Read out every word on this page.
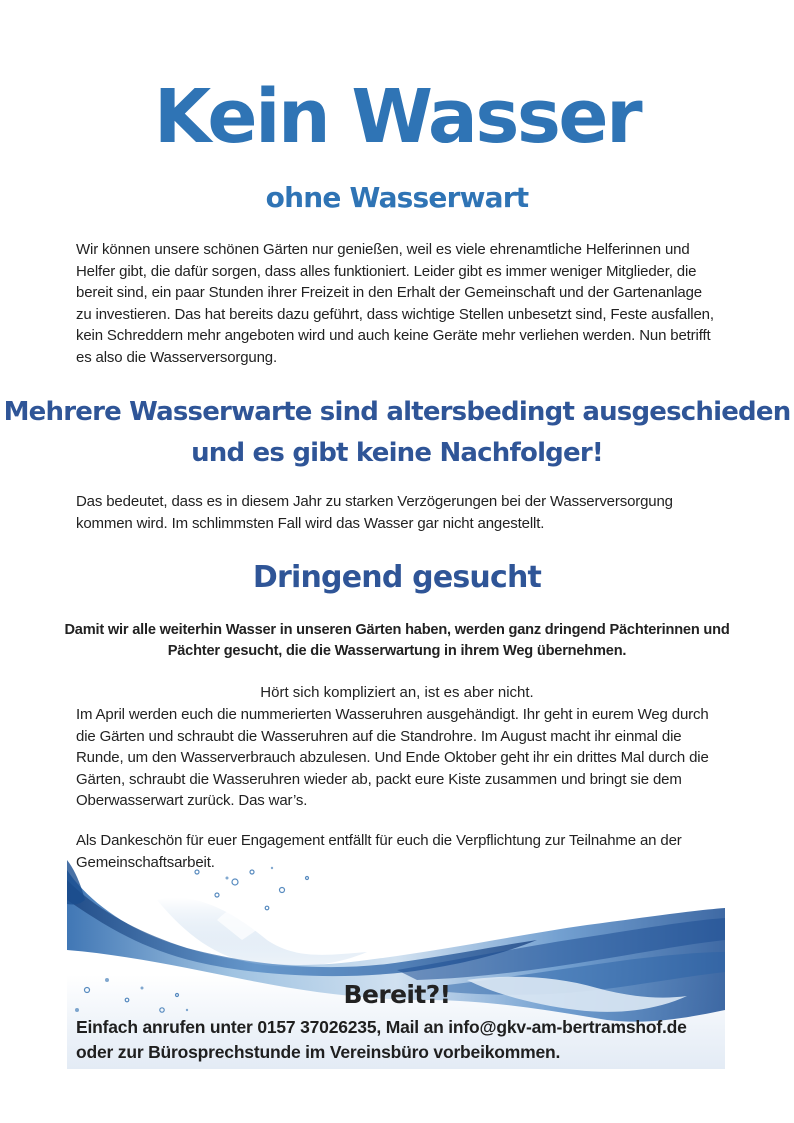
Kein Wasser
ohne Wasserwart

Wir können unsere schönen Gärten nur genießen, weil es viele ehrenamtliche Helferinnen und Helfer gibt, die dafür sorgen, dass alles funktioniert. Leider gibt es immer weniger Mitglieder, die bereit sind, ein paar Stunden ihrer Freizeit in den Erhalt der Gemeinschaft und der Gartenanlage zu investieren. Das hat bereits dazu geführt, dass wichtige Stellen unbesetzt sind, Feste ausfallen, kein Schreddern mehr angeboten wird und auch keine Geräte mehr verliehen werden. Nun betrifft es also die Wasserversorgung.

Mehrere Wasserwarte sind altersbedingt ausgeschieden und es gibt keine Nachfolger!

Das bedeutet, dass es in diesem Jahr zu starken Verzögerungen bei der Wasserversorgung kommen wird. Im schlimmsten Fall wird das Wasser gar nicht angestellt.

Dringend gesucht

Damit wir alle weiterhin Wasser in unseren Gärten haben, werden ganz dringend Pächterinnen und Pächter gesucht, die die Wasserwartung in ihrem Weg übernehmen.

Hört sich kompliziert an, ist es aber nicht.

Im April werden euch die nummerierten Wasseruhren ausgehändigt. Ihr geht in eurem Weg durch die Gärten und schraubt die Wasseruhren auf die Standrohre. Im August macht ihr einmal die Runde, um den Wasserverbrauch abzulesen. Und Ende Oktober geht ihr ein drittes Mal durch die Gärten, schraubt die Wasseruhren wieder ab, packt eure Kiste zusammen und bringt sie dem Oberwasserwart zurück. Das war’s.

Als Dankeschön für euer Engagement entfällt für euch die Verpflichtung zur Teilnahme an der Gemeinschaftsarbeit.

Bereit?!
Einfach anrufen unter 0157 37026235, Mail an info@gkv-am-bertramshof.de
oder zur Bürosprechstunde im Vereinsbüro vorbeikommen.
